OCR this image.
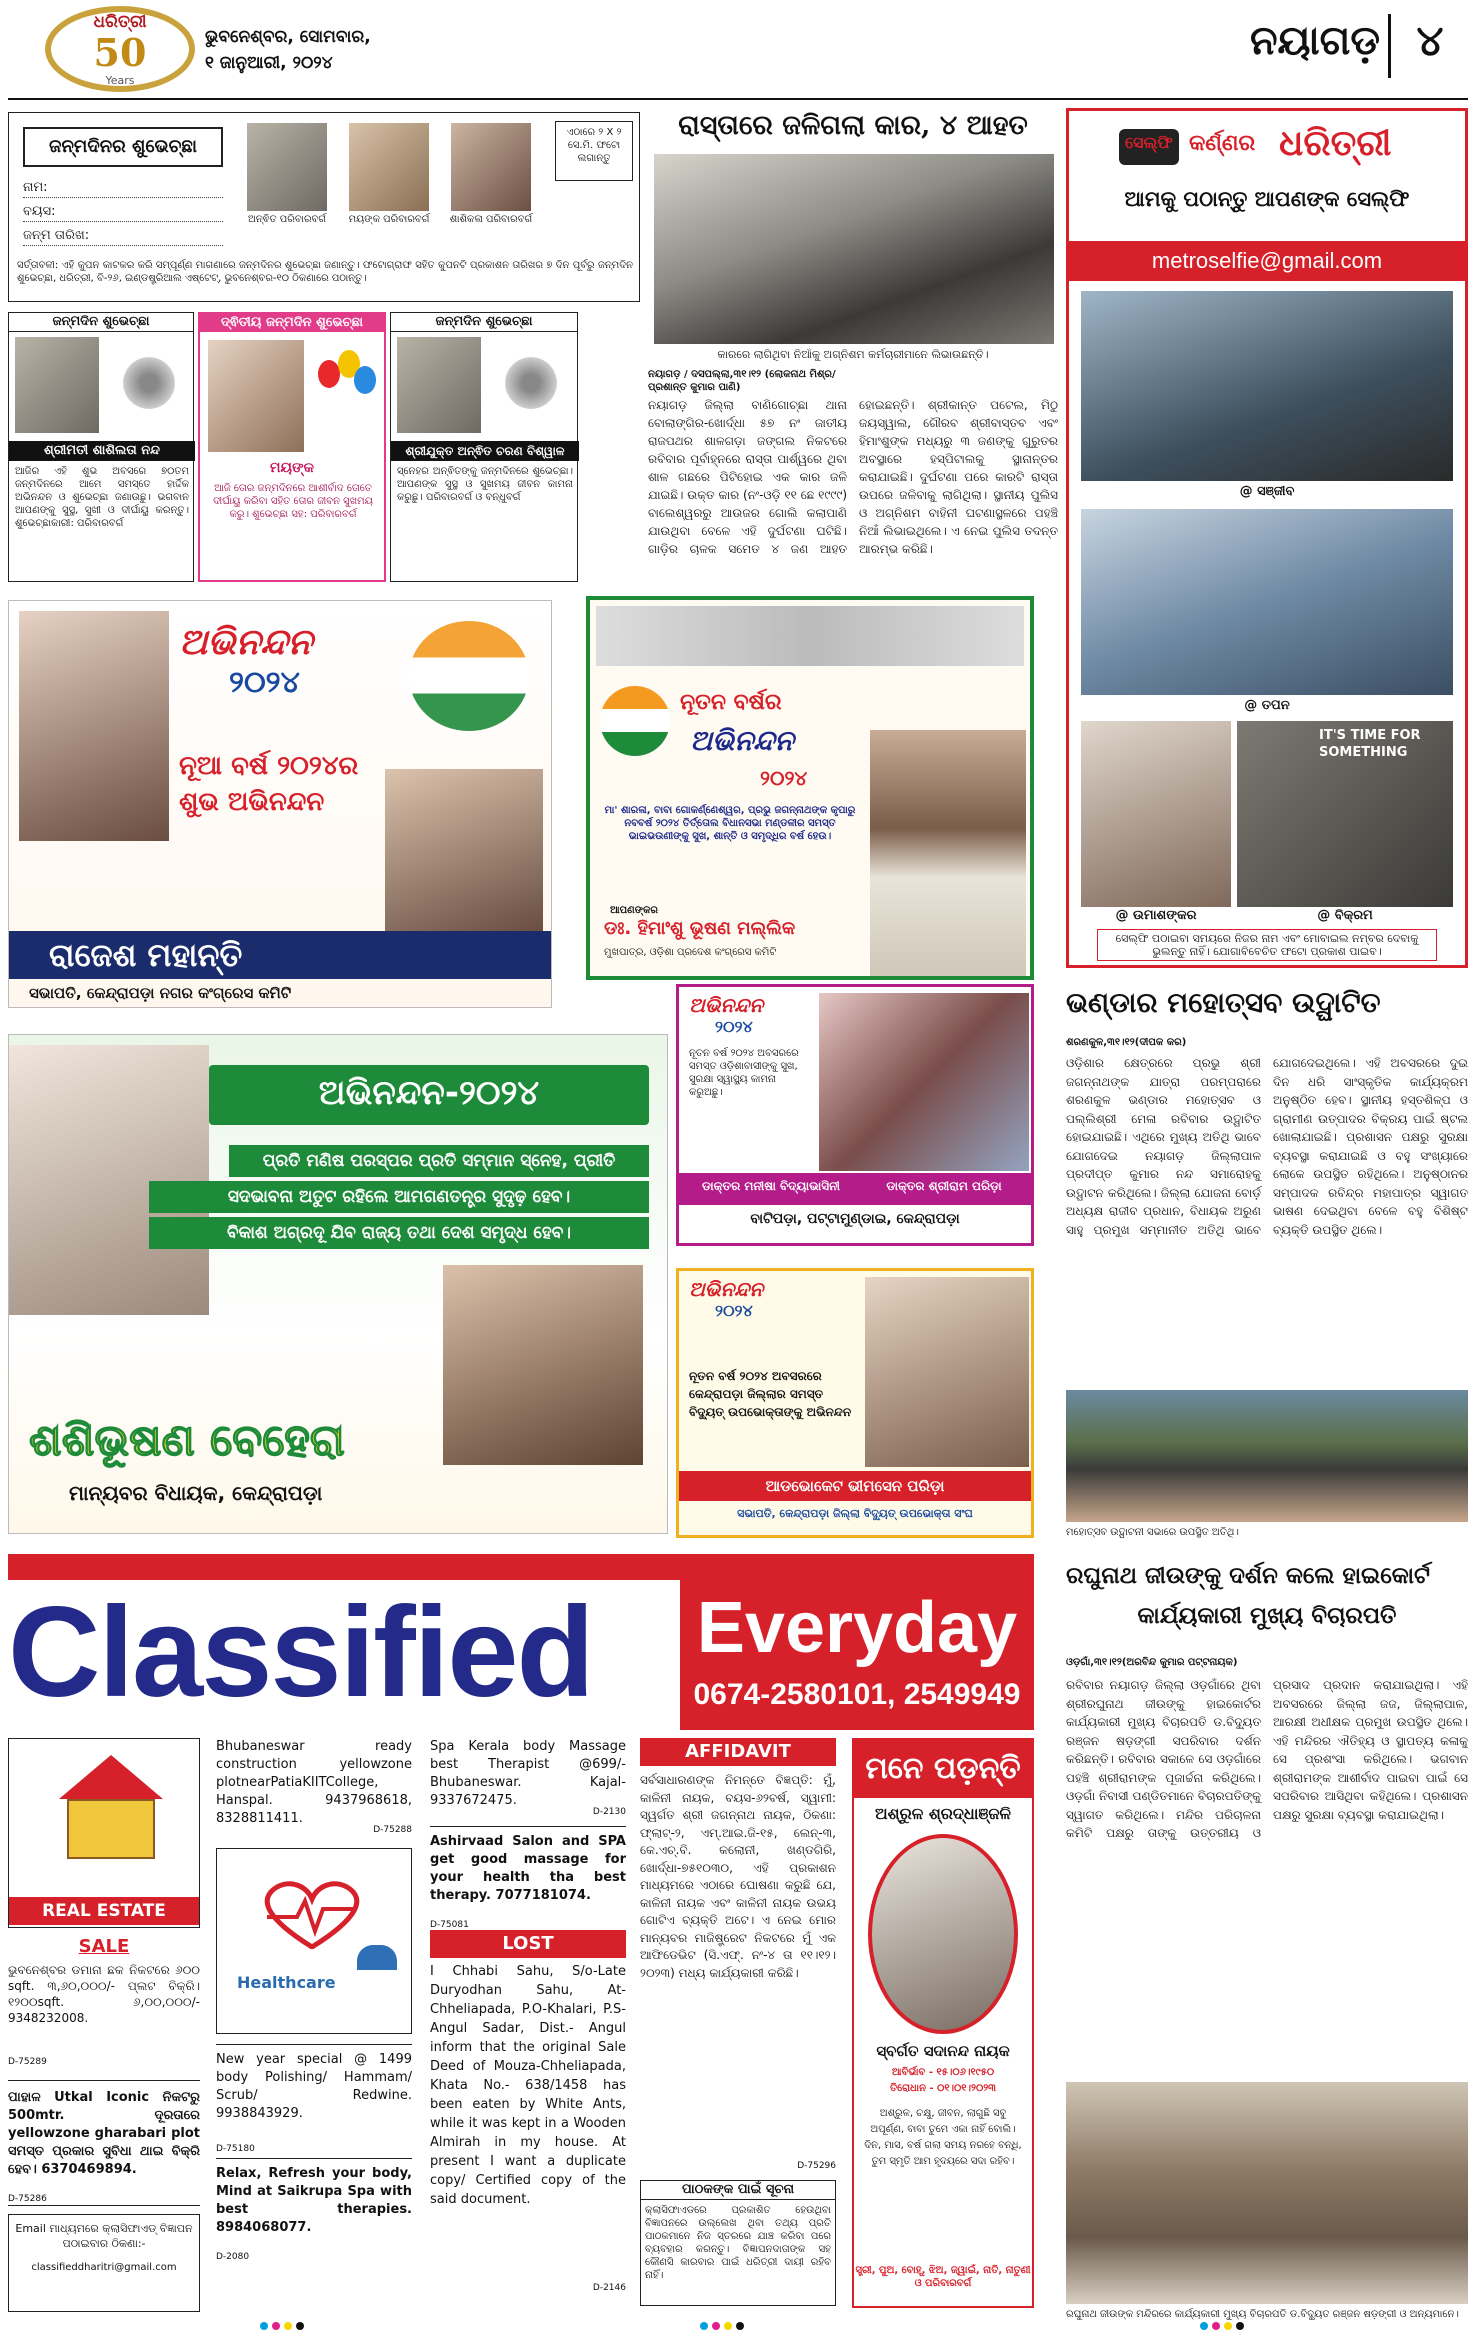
ଧରିତ୍ରୀ
50
Years
ଭୁବନେଶ୍ବର, ସୋମବାର,
୧ ଜାନୁଆରୀ, ୨୦୨୪	ନୟାଗଡ଼ ୪
ଜନ୍ମଦିନର ଶୁଭେଚ୍ଛା
ନାମ:
ବୟସ:
ଜନ୍ମ ତାରିଖ:
ଅନ୍ଵିତ ପରିବାରବର୍ଗ	ମୟଙ୍କ ପରିବାରବର୍ଗ	ଶାଶିକଳା ପରିବାରବର୍ଗ
ଏଠାରେ ୨ X ୨ ସେ.ମି. ଫଟୋ ଲଗାନ୍ତୁ
ସର୍ତ୍ତାବଳୀ: ଏହି କୁପନ କାଟକର କରି ସମ୍ପୂର୍ଣ୍ଣ ମାଗଣାରେ ଜନ୍ମଦିନର ଶୁଭେଚ୍ଛା ଜଣାନ୍ତୁ। ଫଟୋଗ୍ରାଫ ସହିତ କୁପନଟି ପ୍ରକାଶନ ତାରିଖର ୭ ଦିନ ପୂର୍ବରୁ ଜନ୍ମଦିନ ଶୁଭେଚ୍ଛା, ଧରିତ୍ରୀ, ବି-୨୬, ଇଣ୍ଡଷ୍ଟ୍ରିଆଲ ଏଷ୍ଟେଟ୍, ଭୁବନେଶ୍ବର-୧୦ ଠିକଣାରେ ପଠାନ୍ତୁ।
ଜନ୍ମଦିନ ଶୁଭେଚ୍ଛା
ଶ୍ରୀମତୀ ଶାଶିଲତା ନନ୍ଦ
ଆଜିର ଏହି ଶୁଭ ଅବସରେ ୭୦ତମ ଜନ୍ମଦିନରେ ଆମେ ସମସ୍ତେ ହାର୍ଦ୍ଦିକ ଅଭିନନ୍ଦନ ଓ ଶୁଭେଚ୍ଛା ଜଣାଉଛୁ। ଭଗବାନ ଆପଣଙ୍କୁ ସୁସ୍ଥ, ସୁଖୀ ଓ ଦୀର୍ଘାୟୁ କରନ୍ତୁ। ଶୁଭେଚ୍ଛାକାରୀ: ପରିବାରବର୍ଗ
ଦ୍ଵିତୀୟ ଜନ୍ମଦିନ ଶୁଭେଚ୍ଛା
ମୟଙ୍କ
ଆଜି ତୋର ଜନ୍ମଦିନରେ ଆଶୀର୍ବାଦ ତୋତେ ଦୀର୍ଘାୟୁ କରିବା ସହିତ ତୋର ଜୀବନ ସୁଖମୟ କରୁ। ଶୁଭେଚ୍ଛା ସହ: ପରିବାରବର୍ଗ
ଜନ୍ମଦିନ ଶୁଭେଚ୍ଛା
ଶ୍ରୀଯୁକ୍ତ ଅନ୍ଵିତ ଚରଣ ବିଶ୍ୱାଳ
ସ୍ନେହର ଅନ୍ଵିତଙ୍କୁ ଜନ୍ମଦିନରେ ଶୁଭେଚ୍ଛା। ଆପଣଙ୍କ ସୁସ୍ଥ ଓ ସୁଖମୟ ଜୀବନ କାମନା କରୁଛୁ। ପରିବାରବର୍ଗ ଓ ବନ୍ଧୁବର୍ଗ
ରାସ୍ତାରେ ଜଳିଗଲା କାର, ୪ ଆହତ
କାରରେ ଲାଗିଥିବା ନିଆଁକୁ ଅଗ୍ନିଶମ କର୍ମଚାରୀମାନେ ଲିଭାଉଛନ୍ତି।
ନୟାଗଡ଼ / ଦସପଲ୍ଲା,୩୧।୧୨ (ଲୋକନାଥ ମିଶ୍ର/ ପ୍ରଶାନ୍ତ କୁମାର ପାଣି)
ନୟାଗଡ଼ ଜିଲ୍ଲା ବାଣିଗୋଚ୍ଛା ଥାନା ବୋଲାଙ୍ଗିର-ଖୋର୍ଦ୍ଧା ୫୭ ନଂ ଜାତୀୟ ରାଜପଥର ଶାଳଗଡ଼ା ଜଙ୍ଗଲ ନିକଟରେ ରବିବାର ପୂର୍ବାହ୍ନରେ ରାସ୍ତା ପାର୍ଶ୍ୱରେ ଥିବା ଶାଳ ଗଛରେ ପିଟିହୋଇ ଏକ କାର ଜଳି ଯାଇଛି। ଉକ୍ତ କାର (ନଂ-ଓଡ଼ି ୧୧ ଛେ ୧୯୯୯) ବାଲେଶ୍ୱରରୁ ଆଉଜର ଗୋଲି କଲାପାଣି ଯାଉଥିବା ବେଳେ ଏହି ଦୁର୍ଘଟଣା ଘଟିଛି। ଗାଡ଼ିର ଚାଳକ ସମେତ ୪ ଜଣ ଆହତ ହୋଇଛନ୍ତି। ଶ୍ରୀକାନ୍ତ ପଟେଲ, ମିଠୁ ଜୟସ୍ୱାଲ, ଗୌରବ ଶ୍ରୀବାସ୍ତବ ଏବଂ ହିମାଂଶୁଙ୍କ ମଧ୍ୟରୁ ୩ ଜଣଙ୍କୁ ଗୁରୁତର ଅବସ୍ଥାରେ ହସ୍ପିଟାଲକୁ ସ୍ଥାନାନ୍ତର କରାଯାଇଛି। ଦୁର୍ଘଟଣା ପରେ କାରଟି ରାସ୍ତା ଉପରେ ଜଳିବାକୁ ଲାଗିଥିଲା। ସ୍ଥାନୀୟ ପୁଲିସ ଓ ଅଗ୍ନିଶମ ବାହିନୀ ଘଟଣାସ୍ଥଳରେ ପହଞ୍ଚି ନିଆଁ ଲିଭାଇଥିଲେ। ଏ ନେଇ ପୁଲିସ ତଦନ୍ତ ଆରମ୍ଭ କରିଛି।
ସେଲ୍ଫି କର୍ଣ୍ଣର ଧରିତ୍ରୀ
ଆମକୁ ପଠାନ୍ତୁ ଆପଣଙ୍କ ସେଲ୍ଫି
metroselfie@gmail.com
@ ସଞ୍ଜୀବ
@ ତପନ
IT'S TIME FOR SOMETHING
@ ଉମାଶଙ୍କର	@ ବିକ୍ରମ
ସେଲ୍ଫି ପଠାଇବା ସମୟରେ ନିଜର ନାମ ଏବଂ ମୋବାଇଲ ନମ୍ବର ଦେବାକୁ ଭୁଲନ୍ତୁ ନାହିଁ। ଯୋଗାବିବେଚିତ ଫଟୋ ପ୍ରକାଶ ପାଇବ।
ଅଭିନନ୍ଦନ
୨୦୨୪
ନୂଆ ବର୍ଷ ୨୦୨୪ର
ଶୁଭ ଅଭିନନ୍ଦନ
ରାଜେଶ ମହାନ୍ତି
ସଭାପତି, କେନ୍ଦ୍ରାପଡ଼ା ନଗର କଂଗ୍ରେସ କମିଟି
ନୂତନ ବର୍ଷର
ଅଭିନନ୍ଦନ
୨୦୨୪
ମା' ଶାରଳା, ବାବା ଗୋକର୍ଣ୍ଣେଶ୍ୱର, ପ୍ରଭୁ ଜଗନ୍ନାଥଙ୍କ କୃପାରୁ ନବବର୍ଷ ୨୦୨୪ ତିର୍ତ୍ତୋଲ ବିଧାନସଭା ମଣ୍ଡଳୀର ସମସ୍ତ ଭାଇଭଉଣୀଙ୍କୁ ସୁଖ, ଶାନ୍ତି ଓ ସମୃଦ୍ଧିର ବର୍ଷ ହେଉ।
ଆପଣଙ୍କର
ଡଃ. ହିମାଂଶୁ ଭୂଷଣ ମଲ୍ଲିକ
ମୁଖପାତ୍ର, ଓଡ଼ିଶା ପ୍ରଦେଶ କଂଗ୍ରେସ କମିଟି
ଅଭିନନ୍ଦନ
୨୦୨୪
ନୂତନ ବର୍ଷ ୨୦୨୪ ଅବସରରେ ସମସ୍ତ ଓଡ଼ିଶାବାସୀଙ୍କୁ ସୁଖ, ସୁରକ୍ଷା ସ୍ୱାସ୍ଥ୍ୟ କାମନା କରୁଅଛୁ।
ଡାକ୍ତର ମନୀଷା ବିଦ୍ୟାଭାସିନୀ	ଡାକ୍ତର ଶ୍ରୀରାମ ପରିଡ଼ା
ବାଟିପଡ଼ା, ପଟ୍ଟାମୁଣ୍ଡାଇ, କେନ୍ଦ୍ରାପଡ଼ା
ଅଭିନନ୍ଦନ-୨୦୨୪
ପ୍ରତି ମଣିଷ ପରସ୍ପର ପ୍ରତି ସମ୍ମାନ ସ୍ନେହ, ପ୍ରୀତି
ସଦଭାବନା ଅତୁଟ ରହିଲେ ଆମଗଣତନ୍ତ୍ର ସୁଦୃଢ଼ ହେବ।
ବିକାଶ ଅଗ୍ରଦୂ ଯିବ ରାଜ୍ୟ ତଥା ଦେଶ ସମୃଦ୍ଧ ହେବ।
ଶଶିଭୂଷଣ ବେହେରା
ମାନ୍ୟବର ବିଧାୟକ, କେନ୍ଦ୍ରାପଡ଼ା
ଅଭିନନ୍ଦନ
୨୦୨୪
ନୂତନ ବର୍ଷ ୨୦୨୪ ଅବସରରେ କେନ୍ଦ୍ରାପଡ଼ା ଜିଲ୍ଲାର ସମସ୍ତ ବିଦ୍ୟୁତ୍ ଉପଭୋକ୍ତାଙ୍କୁ ଅଭିନନ୍ଦନ
ଆଡଭୋକେଟ ଭୀମସେନ ପରିଡ଼ା
ସଭାପତି, କେନ୍ଦ୍ରାପଡ଼ା ଜିଲ୍ଲା ବିଦ୍ୟୁତ୍ ଉପଭୋକ୍ତା ସଂଘ
ଭଣ୍ଡାର ମହୋତ୍ସବ ଉଦ୍ଘାଟିତ
ଶରଣକୁଳ,୩୧।୧୨(ଦୀପକ କର)
ଓଡ଼ିଶାର କ୍ଷେତ୍ରରେ ପ୍ରଭୁ ଶ୍ରୀ ଜଗନ୍ନାଥଙ୍କ ଯାତ୍ରା ପରମ୍ପରାରେ ଶରଣକୁଳ ଭଣ୍ଡାର ମହୋତ୍ସବ ଓ ପଲ୍ଲିଶ୍ରୀ ମେଳା ରବିବାର ଉଦ୍ଘାଟିତ ହୋଇଯାଇଛି। ଏଥିରେ ମୁଖ୍ୟ ଅତିଥି ଭାବେ ଯୋଗଦେଇ ନୟାଗଡ଼ ଜିଲ୍ଲାପାଳ ପ୍ରଦୀପ୍ତ କୁମାର ନନ୍ଦ ସମାରୋହକୁ ଉଦ୍ଘାଟନ କରିଥିଲେ। ଜିଲ୍ଲା ଯୋଜନା ବୋର୍ଡ଼ ଅଧ୍ୟକ୍ଷ ରାଜୀବ ପ୍ରଧାନ, ବିଧାୟକ ଅରୁଣ ସାହୁ ପ୍ରମୁଖ ସମ୍ମାନୀତ ଅତିଥି ଭାବେ ଯୋଗଦେଇଥିଲେ। ଏହି ଅବସରରେ ଦୁଇ ଦିନ ଧରି ସାଂସ୍କୃତିକ କାର୍ଯ୍ୟକ୍ରମ ଅନୁଷ୍ଠିତ ହେବ। ସ୍ଥାନୀୟ ହସ୍ତଶିଳ୍ପ ଓ ଗ୍ରାମୀଣ ଉତ୍ପାଦର ବିକ୍ରୟ ପାଇଁ ଷ୍ଟଲ ଖୋଲାଯାଇଛି। ପ୍ରଶାସନ ପକ୍ଷରୁ ସୁରକ୍ଷା ବ୍ୟବସ୍ଥା କରାଯାଇଛି ଓ ବହୁ ସଂଖ୍ୟାରେ ଲୋକେ ଉପସ୍ଥିତ ରହିଥିଲେ। ଅନୁଷ୍ଠାନର ସମ୍ପାଦକ ରବିନ୍ଦ୍ର ମହାପାତ୍ର ସ୍ୱାଗତ ଭାଷଣ ଦେଇଥିବା ବେଳେ ବହୁ ବିଶିଷ୍ଟ ବ୍ୟକ୍ତି ଉପସ୍ଥିତ ଥିଲେ।
ମହୋତ୍ସବ ଉଦ୍ଘାଟନୀ ସଭାରେ ଉପସ୍ଥିତ ଅତିଥି।
Classified	Everyday
0674-2580101, 2549949
ରଘୁନାଥ ଜୀଉଙ୍କୁ ଦର୍ଶନ କଲେ ହାଇକୋର୍ଟ
କାର୍ଯ୍ୟକାରୀ ମୁଖ୍ୟ ବିଚାରପତି
ଓଡ଼ଗାଁ,୩୧।୧୨(ଅରବିନ୍ଦ କୁମାର ପଟ୍ଟନାୟକ)
ରବିବାର ନୟାଗଡ଼ ଜିଲ୍ଲା ଓଡ଼ଗାଁରେ ଥିବା ଶ୍ରୀରଘୁନାଥ ଜୀଉଙ୍କୁ ହାଇକୋର୍ଟର କାର୍ଯ୍ୟକାରୀ ମୁଖ୍ୟ ବିଚାରପତି ଡ.ବିଦ୍ୟୁତ ରଞ୍ଜନ ଷଡ଼ଙ୍ଗୀ ସପରିବାର ଦର୍ଶନ କରିଛନ୍ତି। ରବିବାର ସକାଳେ ସେ ଓଡ଼ଗାଁରେ ପହଞ୍ଚି ଶ୍ରୀରାମଙ୍କ ପୂଜାର୍ଚ୍ଚନା କରିଥିଲେ। ଓଡ଼ଗାଁ ନିବାସୀ ପଣ୍ଡିତମାନେ ବିଚାରପତିଙ୍କୁ ସ୍ୱାଗତ କରିଥିଲେ। ମନ୍ଦିର ପରିଚାଳନା କମିଟି ପକ୍ଷରୁ ତାଙ୍କୁ ଉତ୍ତରୀୟ ଓ ପ୍ରସାଦ ପ୍ରଦାନ କରାଯାଇଥିଲା। ଏହି ଅବସରରେ ଜିଲ୍ଲା ଜଜ, ଜିଲ୍ଲାପାଳ, ଆରକ୍ଷୀ ଅଧୀକ୍ଷକ ପ୍ରମୁଖ ଉପସ୍ଥିତ ଥିଲେ। ଏହି ମନ୍ଦିରର ଐତିହ୍ୟ ଓ ସ୍ଥାପତ୍ୟ କଳାକୁ ସେ ପ୍ରଶଂସା କରିଥିଲେ। ଭଗବାନ ଶ୍ରୀରାମଙ୍କ ଆଶୀର୍ବାଦ ପାଇବା ପାଇଁ ସେ ସପରିବାର ଆସିଥିବା କହିଥିଲେ। ପ୍ରଶାସନ ପକ୍ଷରୁ ସୁରକ୍ଷା ବ୍ୟବସ୍ଥା କରାଯାଇଥିଲା।
ରଘୁନାଥ ଜୀଉଙ୍କ ମନ୍ଦିରରେ କାର୍ଯ୍ୟକାରୀ ମୁଖ୍ୟ ବିଚାରପତି ଡ.ବିଦ୍ୟୁତ ରଞ୍ଜନ ଷଡ଼ଙ୍ଗୀ ଓ ଅନ୍ୟମାନେ।
REAL ESTATE
SALE
ଭୁବନେଶ୍ବର ଡମାନା ଛକ ନିକଟରେ ୬୦୦ sqft. ୩,୬୦,୦୦୦/- ପ୍ଲଟ ବିକ୍ରି। ୧୨୦୦sqft. ୬,୦୦,୦୦୦/- 9348232008.
D-75289
ପାହାଳ Utkal Iconic ନିକଟରୁ 500mtr. ଦୂରତାରେ yellowzone gharabari plot ସମସ୍ତ ପ୍ରକାର ସୁବିଧା ଥାଇ ବିକ୍ରି ହେବ। 6370469894.
D-75286
Email ମାଧ୍ୟମରେ କ୍ଲାସିଫାଏଡ୍‌ ବିଜ୍ଞାପନ ପଠାଇବାର ଠିକଣା:-
classifieddharitri@gmail.com
Bhubaneswar ready construction yellowzone plotnearPatiaKIITCollege, Hanspal. 9437968618, 8328811411.
D-75288
Healthcare
New year special @ 1499 body Polishing/ Hammam/ Scrub/ Redwine. 9938843929.
D-75180
Relax, Refresh your body, Mind at Saikrupa Spa with best therapies. 8984068077.
D-2080
Spa Kerala body Massage best Therapist @699/- Bhubaneswar. Kajal- 9337672475.
D-2130
Ashirvaad Salon and SPA get good massage for your health tha best therapy. 7077181074.
D-75081
LOST
I Chhabi Sahu, S/o-Late Duryodhan Sahu, At- Chheliapada, P.O-Khalari, P.S- Angul Sadar, Dist.- Angul inform that the original Sale Deed of Mouza-Chheliapada, Khata No.- 638/1458 has been eaten by White Ants, while it was kept in a Wooden Almirah in my house. At present I want a duplicate copy/ Certified copy of the said document.
D-2146
AFFIDAVIT
ସର୍ବସାଧାରଣଙ୍କ ନିମନ୍ତେ ବିଜ୍ଞପ୍ତି: ମୁଁ, କାଳିନୀ ନାୟକ, ବୟସ-୬୨ବର୍ଷ, ସ୍ୱାମୀ: ସ୍ୱର୍ଗତ ଶ୍ରୀ ଜଗନ୍ନାଥ ନାୟକ, ଠିକଣା: ଫ୍ଲାଟ୍-୨, ଏମ୍.ଆଇ.ଜି-୧୫, ଲେନ୍-୩, କେ.ଏଚ୍.ବି. କଲୋନୀ, ଖଣ୍ଡଗିରି, ଖୋର୍ଦ୍ଧା-୭୫୧୦୩୦, ଏହି ପ୍ରକାଶନ ମାଧ୍ୟମରେ ଏଠାରେ ଘୋଷଣା କରୁଛି ଯେ, କାଳିନୀ ନାୟକ ଏବଂ କାଳିନୀ ନାୟକ ଉଭୟ ଗୋଟିଏ ବ୍ୟକ୍ତି ଅଟେ। ଏ ନେଇ ମୋର ମାନ୍ୟବର ମାଜିଷ୍ଟ୍ରେଟ ନିକଟରେ ମୁଁ ଏକ ଆଫିଡେଭିଟ (ସି.ଏଫ୍. ନଂ-୪ ତା ୧୧।୧୨।୨୦୨୩) ମଧ୍ୟ କାର୍ଯ୍ୟକାରୀ କରିଛି।
D-75296
ପାଠକଙ୍କ ପାଇଁ ସୂଚନା
କ୍ଲାସିଫାଏଡରେ ପ୍ରକାଶିତ ହେଉଥିବା ବିଜ୍ଞାପନରେ ଉଲ୍ଲେଖ ଥିବା ତଥ୍ୟ ପ୍ରତି ପାଠକମାନେ ନିଜ ସ୍ତରରେ ଯାଞ୍ଚ କରିବା ପରେ ବ୍ୟବହାର କରନ୍ତୁ। ବିଜ୍ଞାପନଦାତାଙ୍କ ସହ କୌଣସି କାରବାର ପାଇଁ ଧରିତ୍ରୀ ଦାୟୀ ରହିବ ନାହିଁ।
ମନେ ପଡ଼ନ୍ତି
ଅଶ୍ରୁଳ ଶ୍ରଦ୍ଧାଞ୍ଜଳି
ସ୍ବର୍ଗତ ସଦାନନ୍ଦ ନାୟକ
ଆବିର୍ଭାବ - ୧୫।୦୬।୧୯୫୦
ତିରୋଧାନ - ୦୧।୦୧।୨୦୨୩
ଅଶ୍ରୁଳ, ଚକ୍ଷୁ, ଜୀବନ, ଲାଗୁଛି ସବୁ ଅପୂର୍ଣ୍ଣ, ବାବା ତୁମେ ଏକା ନାହିଁ ବୋଲି। ଦିନ, ମାସ, ବର୍ଷ ଗଲା ସମୟ ନରହେ ବନ୍ଧି, ତୁମ ସ୍ମୃତି ଆମ ହୃଦୟରେ ସଦା ରହିବ।
ସ୍ତ୍ରୀ, ପୁଅ, ବୋହୂ, ଝିଅ, ଜ୍ୱାଇଁ, ନାତି, ନାତୁଣୀ ଓ ପରିବାରବର୍ଗ
